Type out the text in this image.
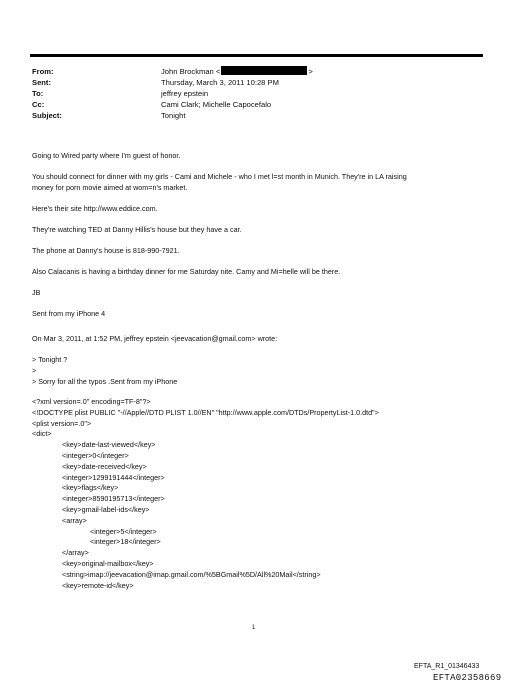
From:	John Brockman <	>
Sent:	Thursday, March 3, 2011 10:28 PM
To:	jeffrey epstein
Cc:	Cami Clark; Michelle Capocefalo
Subject:	Tonight
Going to Wired party where I'm guest of honor.
You should connect for dinner with my girls - Cami and Michele - who I met l=st month in Munich. They're in LA raising
money for porn movie aimed at wom=n's market.
Here's their site http://www.eddice.com.
They're watching TED at Danny Hillis's house but they have a car.
The phone at Danny's house is 818-990-7921.
Also Calacanis is having a birthday dinner for me Saturday nite. Camy and Mi=helle will be there.
JB
Sent from my iPhone 4
On Mar 3, 2011, at 1:52 PM, jeffrey epstein <jeevacation@gmail.com> wrote:
> Tonight ?
>
> Sorry for all the typos .Sent from my iPhone
<?xml version=.0" encoding=TF-8"?>
<!DOCTYPE plist PUBLIC "-//Apple//DTD PLIST 1.0//EN" "http://www.apple.com/DTDs/PropertyList-1.0.dtd">
<plist version=.0">
<dict>
<key>date-last-viewed</key>
<integer>0</integer>
<key>date-received</key>
<integer>1299191444</integer>
<key>flags</key>
<integer>8590195713</integer>
<key>gmail-label-ids</key>
<array>
<integer>5</integer>
<integer>18</integer>
</array>
<key>original-mailbox</key>
<string>imap://jeevacation@imap.gmail.com/%5BGmail%5D/All%20Mail</string>
<key>remote-id</key>
1
EFTA_R1_01346433
EFTA02358669
